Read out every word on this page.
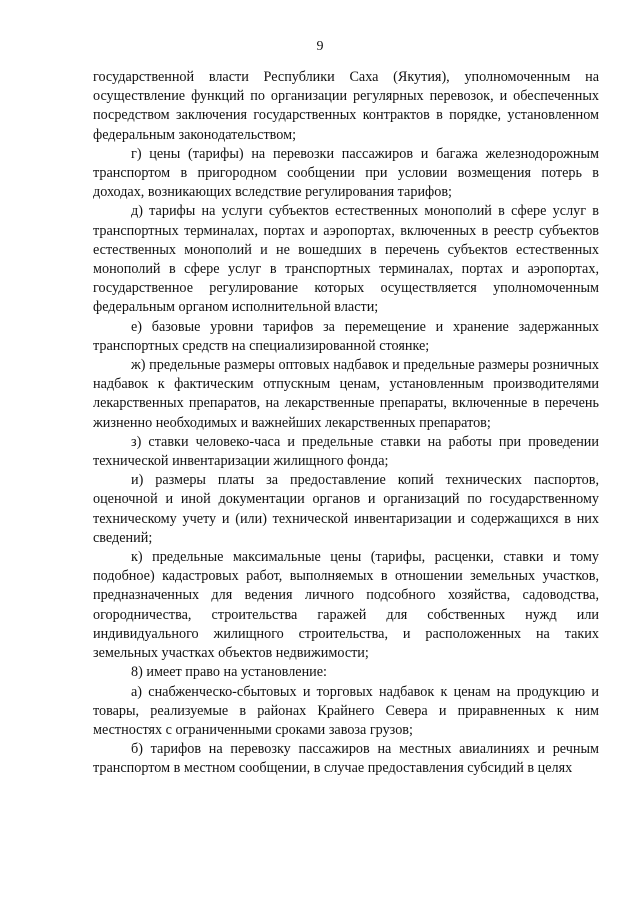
9

государственной власти Республики Саха (Якутия), уполномоченным на осуществление функций по организации регулярных перевозок, и обеспеченных посредством заключения государственных контрактов в порядке, установленном федеральным законодательством;

г) цены (тарифы) на перевозки пассажиров и багажа железнодорожным транспортом в пригородном сообщении при условии возмещения потерь в доходах, возникающих вследствие регулирования тарифов;

д) тарифы на услуги субъектов естественных монополий в сфере услуг в транспортных терминалах, портах и аэропортах, включенных в реестр субъектов естественных монополий и не вошедших в перечень субъектов естественных монополий в сфере услуг в транспортных терминалах, портах и аэропортах, государственное регулирование которых осуществляется уполномоченным федеральным органом исполнительной власти;

е) базовые уровни тарифов за перемещение и хранение задержанных транспортных средств на специализированной стоянке;

ж) предельные размеры оптовых надбавок и предельные размеры розничных надбавок к фактическим отпускным ценам, установленным производителями лекарственных препаратов, на лекарственные препараты, включенные в перечень жизненно необходимых и важнейших лекарственных препаратов;

з) ставки человеко-часа и предельные ставки на работы при проведении технической инвентаризации жилищного фонда;

и) размеры платы за предоставление копий технических паспортов, оценочной и иной документации органов и организаций по государственному техническому учету и (или) технической инвентаризации и содержащихся в них сведений;

к) предельные максимальные цены (тарифы, расценки, ставки и тому подобное) кадастровых работ, выполняемых в отношении земельных участков, предназначенных для ведения личного подсобного хозяйства, садоводства, огородничества, строительства гаражей для собственных нужд или индивидуального жилищного строительства, и расположенных на таких земельных участках объектов недвижимости;

8) имеет право на установление:

а) снабженческо-сбытовых и торговых надбавок к ценам на продукцию и товары, реализуемые в районах Крайнего Севера и приравненных к ним местностях с ограниченными сроками завоза грузов;

б) тарифов на перевозку пассажиров на местных авиалиниях и речным транспортом в местном сообщении, в случае предоставления субсидий в целях
